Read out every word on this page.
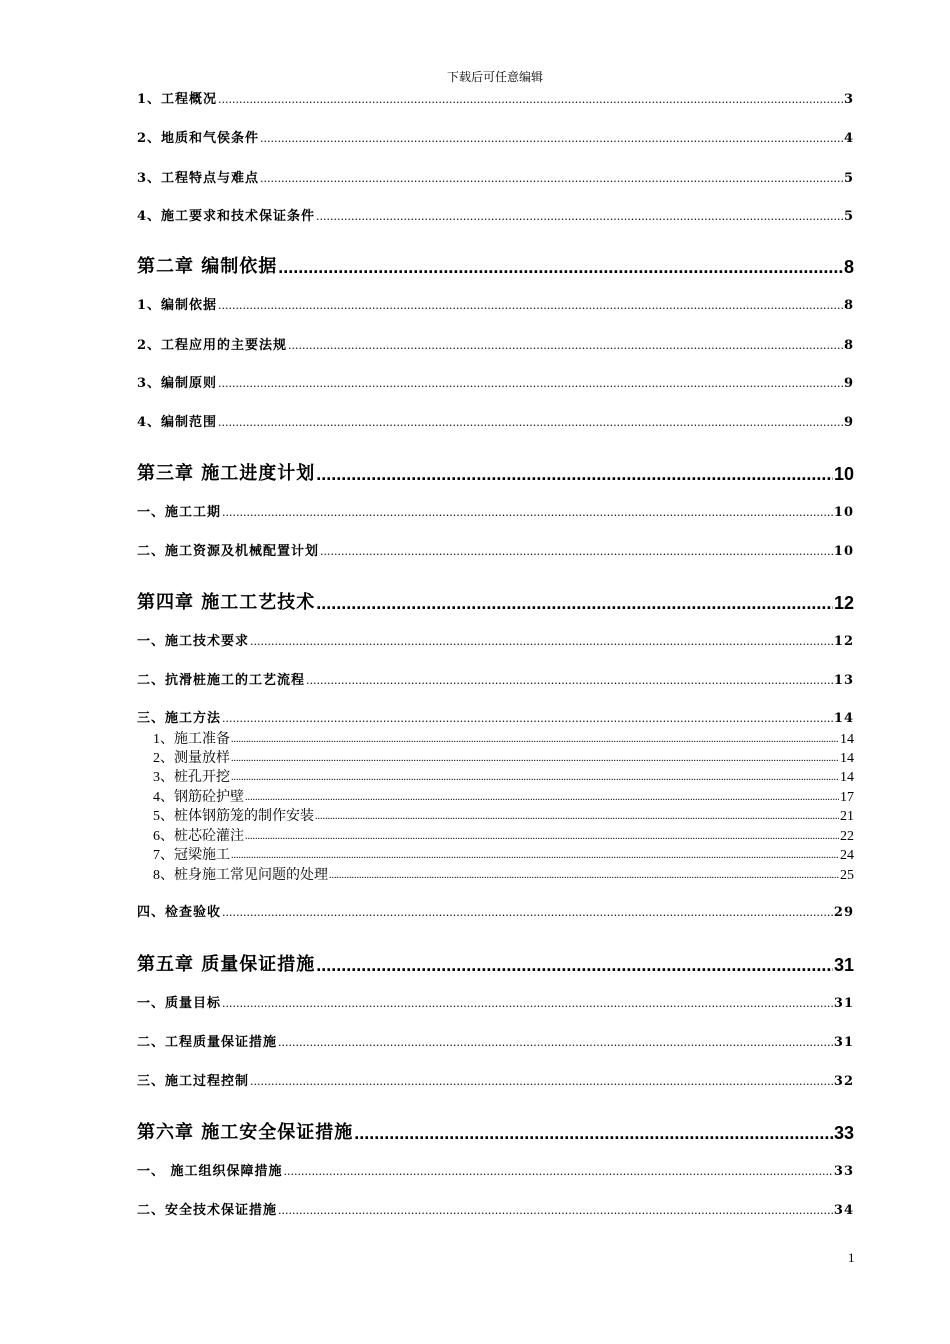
下载后可任意编辑
1、工程概况 .....	3
2、地质和气侯条件 .....	4
3、工程特点与难点 .....	5
4、施工要求和技术保证条件 .....	5
第二章 编制依据 .....	8
1、编制依据 .....	8
2、工程应用的主要法规 .....	8
3、编制原则 .....	9
4、编制范围 .....	9
第三章 施工进度计划 .....	10
一、施工工期 .....	10
二、施工资源及机械配置计划 .....	10
第四章 施工工艺技术 .....	12
一、施工技术要求 .....	12
二、抗滑桩施工的工艺流程 .....	13
三、施工方法 .....	14
1、施工准备 .....	14
2、测量放样 .....	14
3、桩孔开挖 .....	14
4、钢筋砼护壁 .....	17
5、桩体钢筋笼的制作安装 .....	21
6、桩芯砼灌注 .....	22
7、冠梁施工 .....	24
8、桩身施工常见问题的处理 .....	25
四、检查验收 .....	29
第五章 质量保证措施 .....	31
一、质量目标 .....	31
二、工程质量保证措施 .....	31
三、施工过程控制 .....	32
第六章 施工安全保证措施 .....	33
一、 施工组织保障措施 .....	33
二、安全技术保证措施 .....	34
1
